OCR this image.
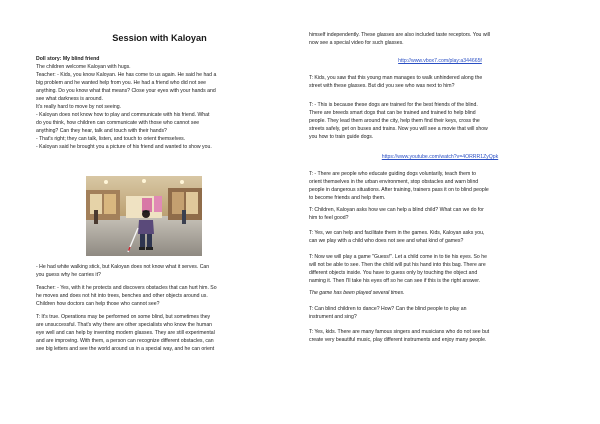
Session with Kaloyan
Doll story: My blind friend
The children welcome Kaloyan with hugs.
Teacher: - Kids, you know Kaloyan. He has come to us again. He said he had a
big problem and he wanted help from you. He had a friend who did not see
anything. Do you know what that means? Close your eyes with your hands and
see what darkness is around.
It's really hard to move by not seeing.
- Kaloyan does not know how to play and communicate with his friend. What
do you think, how children can communicate with those who cannot see
anything? Can they hear, talk and touch with their hands?
- That's right; they can talk, listen, and touch to orient themselves.
- Kaloyan said he brought you a picture of his friend and wanted to show you.
- He had white walking stick, but Kaloyan does not know what it serves. Can
you guess why he carries it?
Teacher: - Yes, with it he protects and discovers obstacles that can hurt him. So
he moves and does not hit into trees, benches and other objects around us.
Children how doctors can help those who cannot see?
T: It's true. Operations may be performed on some blind, but sometimes they
are unsuccessful. That's why there are other specialists who know the human
eye well and can help by inventing modern glasses. They are still experimental
and are improving. With them, a person can recognize different obstacles, can
see big letters and see the world around us in a special way, and he can orient
himself independently. These glasses are also included taste receptors. You will
now see a special video for such glasses.
http://www.vbox7.com/play:a344665f
T: Kids, you saw that this young man manages to walk unhindered along the
street with these glasses. But did you see who was next to him?
T: - This is because these dogs are trained for the best friends of the blind.
There are breeds smart dogs that can be trained and trained to help blind
people. They lead them around the city, help them find their keys, cross the
streets safely, get on buses and trains. Now you will see a movie that will show
you how to train guide dogs.
https://www.youtube.com/watch?v=4ORRR1ZyQpk
T: - There are people who educate guiding dogs voluntarily, teach them to
orient themselves in the urban environment, stop obstacles and warn blind
people in dangerous situations. After training, trainers pass it on to blind people
to become friends and help them.
T: Children, Kaloyan asks how we can help a blind child? What can we do for
him to feel good?
T: Yes, we can help and facilitate them in the games. Kids, Kaloyan asks you,
can we play with a child who does not see and what kind of games?
T: Now we will play a game "Guess!". Let a child come in to tie his eyes. So he
will not be able to see. Then the child will put his hand into this bag. There are
different objects inside. You have to guess only by touching the object and
naming it. Then I'll take his eyes off so he can see if this is the right answer.
The game has been played several times.
T: Can blind children to dance? How? Can the blind people to play an
instrument and sing?
T: Yes, kids. There are many famous singers and musicians who do not see but
create very beautiful music, play different instruments and enjoy many people.
